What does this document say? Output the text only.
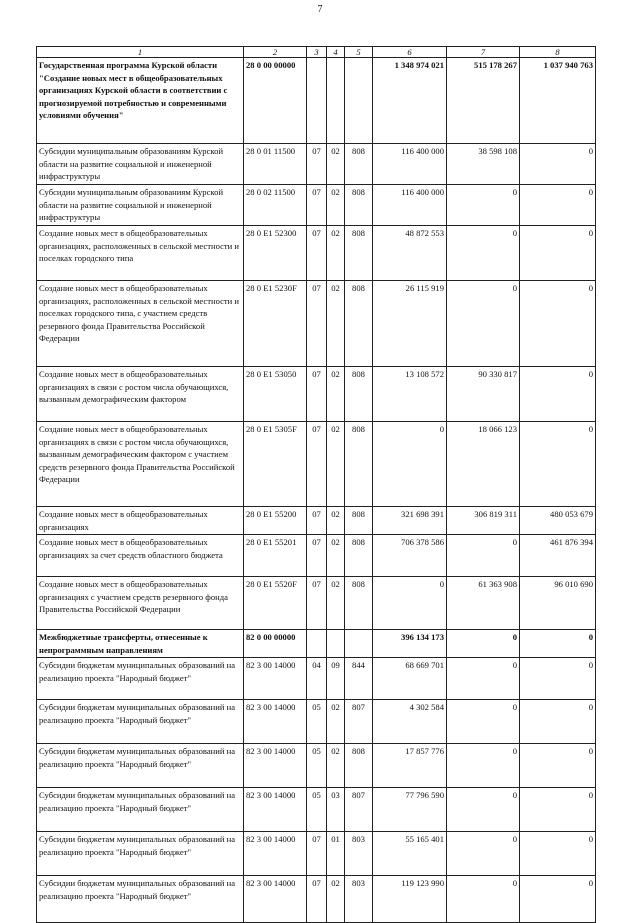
7
1	2	3	4	5	6	7	8
Государственная программа Курской области "Создание новых мест в общеобразовательных организациях Курской области в соответствии с прогнозируемой потребностью и современными условиями обучения"	28 0 00 00000				1 348 974 021	515 178 267	1 037 940 763
Субсидии муниципальным образованиям Курской области на развитие социальной и инженерной инфраструктуры	28 0 01 11500	07	02	808	116 400 000	38 598 108	0
Субсидии муниципальным образованиям Курской области на развитие социальной и инженерной инфраструктуры	28 0 02 11500	07	02	808	116 400 000	0	0
Создание новых мест в общеобразовательных организациях, расположенных в сельской местности и поселках городского типа	28 0 E1 52300	07	02	808	48 872 553	0	0
Создание новых мест в общеобразовательных организациях, расположенных в сельской местности и поселках городского типа, с участием средств резервного фонда Правительства Российской Федерации	28 0 E1 5230F	07	02	808	26 115 919	0	0
Создание новых мест в общеобразовательных организациях в связи с ростом числа обучающихся, вызванным демографическим фактором	28 0 E1 53050	07	02	808	13 108 572	90 330 817	0
Создание новых мест в общеобразовательных организациях в связи с ростом числа обучающихся, вызванным демографическим фактором с участием средств резервного фонда Правительства Российской Федерации	28 0 E1 5305F	07	02	808	0	18 066 123	0
Создание новых мест в общеобразовательных организациях	28 0 E1 55200	07	02	808	321 698 391	306 819 311	480 053 679
Создание новых мест в общеобразовательных организациях за счет средств областного бюджета	28 0 E1 55201	07	02	808	706 378 586	0	461 876 394
Создание новых мест в общеобразовательных организациях с участием средств резервного фонда Правительства Российской Федерации	28 0 E1 5520F	07	02	808	0	61 363 908	96 010 690
Межбюджетные трансферты, отнесенные к непрограммным направлениям	82 0 00 00000				396 134 173	0	0
Субсидии бюджетам муниципальных образований на реализацию проекта "Народный бюджет"	82 3 00 14000	04	09	844	68 669 701	0	0
Субсидии бюджетам муниципальных образований на реализацию проекта "Народный бюджет"	82 3 00 14000	05	02	807	4 302 584	0	0
Субсидии бюджетам муниципальных образований на реализацию проекта "Народный бюджет"	82 3 00 14000	05	02	808	17 857 776	0	0
Субсидии бюджетам муниципальных образований на реализацию проекта "Народный бюджет"	82 3 00 14000	05	03	807	77 796 590	0	0
Субсидии бюджетам муниципальных образований на реализацию проекта "Народный бюджет"	82 3 00 14000	07	01	803	55 165 401	0	0
Субсидии бюджетам муниципальных образований на реализацию проекта "Народный бюджет"	82 3 00 14000	07	02	803	119 123 990	0	0
